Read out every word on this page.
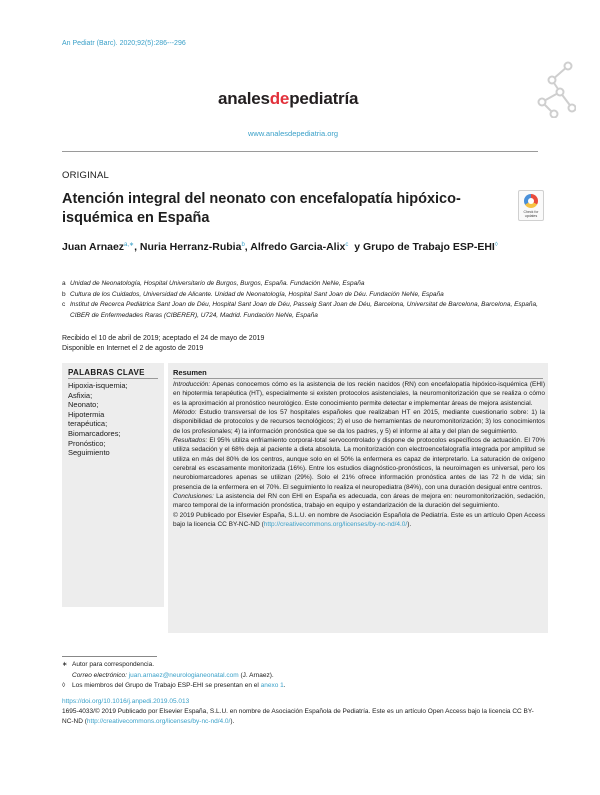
An Pediatr (Barc). 2020;92(5):286---296
analesdepediatría
www.analesdepediatria.org
ORIGINAL
Atención integral del neonato con encefalopatía hipóxico-isquémica en España	Check for
updates
Juan Arnaez$^{a,∗}$, Nuria Herranz-Rubia$^b$, Alfredo Garcia-Alix$^c$  y Grupo de Trabajo ESP-EHI◊
a Unidad de Neonatología, Hospital Universitario de Burgos, Burgos, España. Fundación NeNe, España
b Cultura de los Cuidados, Universidad de Alicante. Unidad de Neonatología, Hospital Sant Joan de Déu. Fundación NeNe, España
c Institut de Recerca Pediàtrica Sant Joan de Déu, Hospital Sant Joan de Déu, Passeig Sant Joan de Déu, Barcelona, Universitat de Barcelona, Barcelona, España, CIBER de Enfermedades Raras (CIBERER), U724, Madrid. Fundación NeNe, España
Recibido el 10 de abril de 2019; aceptado el 24 de mayo de 2019
Disponible en Internet el 2 de agosto de 2019
PALABRAS CLAVE
Hipoxia-isquemia;
Asfixia;
Neonato;
Hipotermia
terapéutica;
Biomarcadores;
Pronóstico;
Seguimiento
Resumen

Introducción: Apenas conocemos cómo es la asistencia de los recién nacidos (RN) con encefalopatía hipóxico-isquémica (EHI) en hipotermia terapéutica (HT), especialmente si existen protocolos asistenciales, la neuromonitorización que se realiza o cómo es la aproximación al pronóstico neurológico. Este conocimiento permite detectar e implementar áreas de mejora asistencial.

Método: Estudio transversal de los 57 hospitales españoles que realizaban HT en 2015, mediante cuestionario sobre: 1) la disponibilidad de protocolos y de recursos tecnológicos; 2) el uso de herramientas de neuromonitorización; 3) los conocimientos de los profesionales; 4) la información pronóstica que se da los padres, y 5) el informe al alta y del plan de seguimiento.

Resultados: El 95% utiliza enfriamiento corporal-total servocontrolado y dispone de protocolos específicos de actuación. El 70% utiliza sedación y el 68% deja al paciente a dieta absoluta. La monitorización con electroencefalografía integrada por amplitud se utiliza en más del 80% de los centros, aunque solo en el 50% la enfermera es capaz de interpretarlo. La saturación de oxígeno cerebral es escasamente monitorizada (16%). Entre los estudios diagnóstico-pronósticos, la neuroimagen es universal, pero los neurobiomarcadores apenas se utilizan (29%). Solo el 21% ofrece información pronóstica antes de las 72 h de vida; sin presencia de la enfermera en el 70%. El seguimiento lo realiza el neuropediatra (84%), con una duración desigual entre centros.

Conclusiones: La asistencia del RN con EHI en España es adecuada, con áreas de mejora en: neuromonitorización, sedación, marco temporal de la información pronóstica, trabajo en equipo y estandarización de la duración del seguimiento.

© 2019 Publicado por Elsevier España, S.L.U. en nombre de Asociación Española de Pediatría. Este es un artículo Open Access bajo la licencia CC BY-NC-ND (http://creativecommons.org/licenses/by-nc-nd/4.0/).

∗ Autor para correspondencia.
Correo electrónico: juan.arnaez@neurologianeonatal.com (J. Arnaez).
◊ Los miembros del Grupo de Trabajo ESP-EHI se presentan en el anexo 1.
https://doi.org/10.1016/j.anpedi.2019.05.013
1695-4033/© 2019 Publicado por Elsevier España, S.L.U. en nombre de Asociación Española de Pediatría. Este es un artículo Open Access bajo la licencia CC BY-NC-ND (http://creativecommons.org/licenses/by-nc-nd/4.0/).
